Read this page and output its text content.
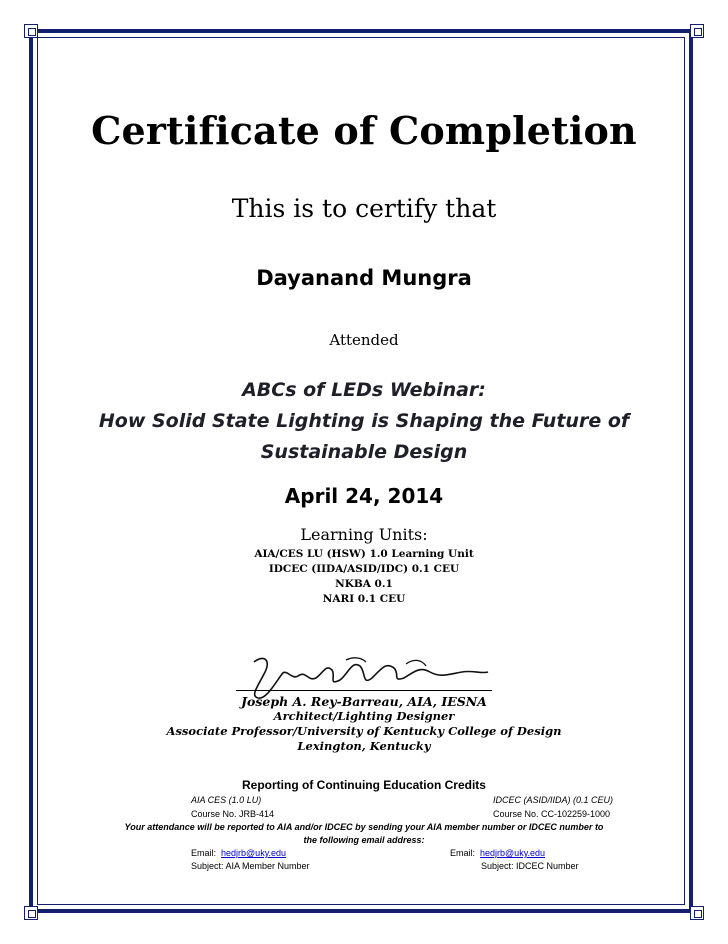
Certificate of Completion
This is to certify that
Dayanand Mungra
Attended
ABCs of LEDs Webinar:
How Solid State Lighting is Shaping the Future of
Sustainable Design
April 24, 2014
Learning Units:
AIA/CES LU (HSW) 1.0 Learning Unit
IDCEC (IIDA/ASID/IDC) 0.1 CEU
NKBA 0.1
NARI 0.1 CEU
Joseph A. Rey-Barreau, AIA, IESNA
Architect/Lighting Designer
Associate Professor/University of Kentucky College of Design
Lexington, Kentucky
Reporting of Continuing Education Credits
AIA CES (1.0 LU)
Course No. JRB-414
IDCEC (ASID/IIDA) (0.1 CEU)
Course No. CC-102259-1000
Your attendance will be reported to AIA and/or IDCEC by sending your AIA member number or IDCEC number to
the following email address:
Email: hedjrb@uky.edu
Subject: AIA Member Number
Email: hedjrb@uky.edu
Subject: IDCEC Number
